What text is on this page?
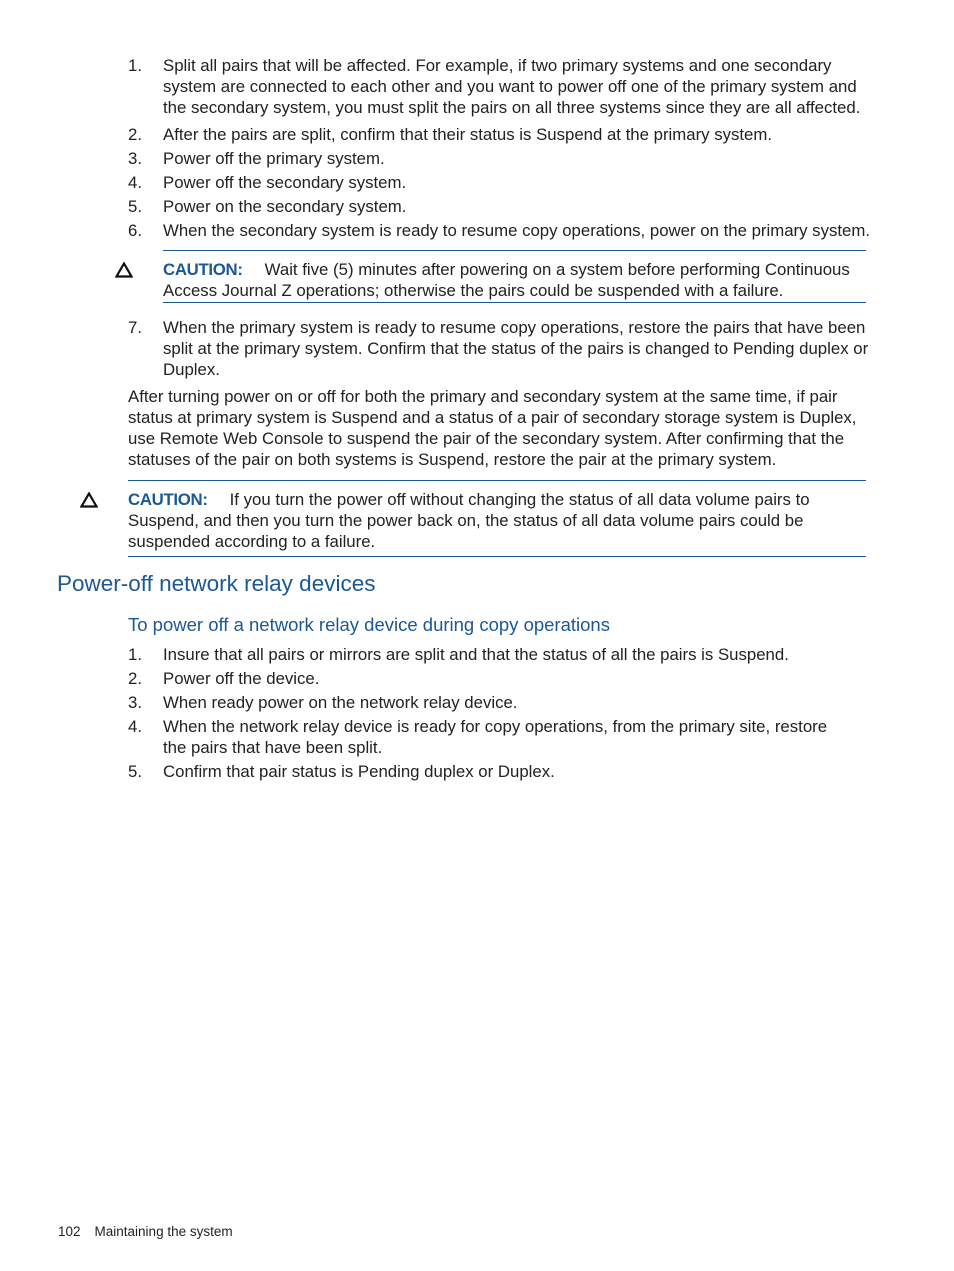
1. Split all pairs that will be affected. For example, if two primary systems and one secondary system are connected to each other and you want to power off one of the primary system and the secondary system, you must split the pairs on all three systems since they are all affected.
2. After the pairs are split, confirm that their status is Suspend at the primary system.
3. Power off the primary system.
4. Power off the secondary system.
5. Power on the secondary system.
6. When the secondary system is ready to resume copy operations, power on the primary system.
CAUTION: Wait five (5) minutes after powering on a system before performing Continuous Access Journal Z operations; otherwise the pairs could be suspended with a failure.
7. When the primary system is ready to resume copy operations, restore the pairs that have been split at the primary system. Confirm that the status of the pairs is changed to Pending duplex or Duplex.

After turning power on or off for both the primary and secondary system at the same time, if pair status at primary system is Suspend and a status of a pair of secondary storage system is Duplex, use Remote Web Console to suspend the pair of the secondary system. After confirming that the statuses of the pair on both systems is Suspend, restore the pair at the primary system.

CAUTION: If you turn the power off without changing the status of all data volume pairs to Suspend, and then you turn the power back on, the status of all data volume pairs could be suspended according to a failure.
Power-off network relay devices
To power off a network relay device during copy operations
1. Insure that all pairs or mirrors are split and that the status of all the pairs is Suspend.
2. Power off the device.
3. When ready power on the network relay device.
4. When the network relay device is ready for copy operations, from the primary site, restore the pairs that have been split.
5. Confirm that pair status is Pending duplex or Duplex.
102 Maintaining the system
